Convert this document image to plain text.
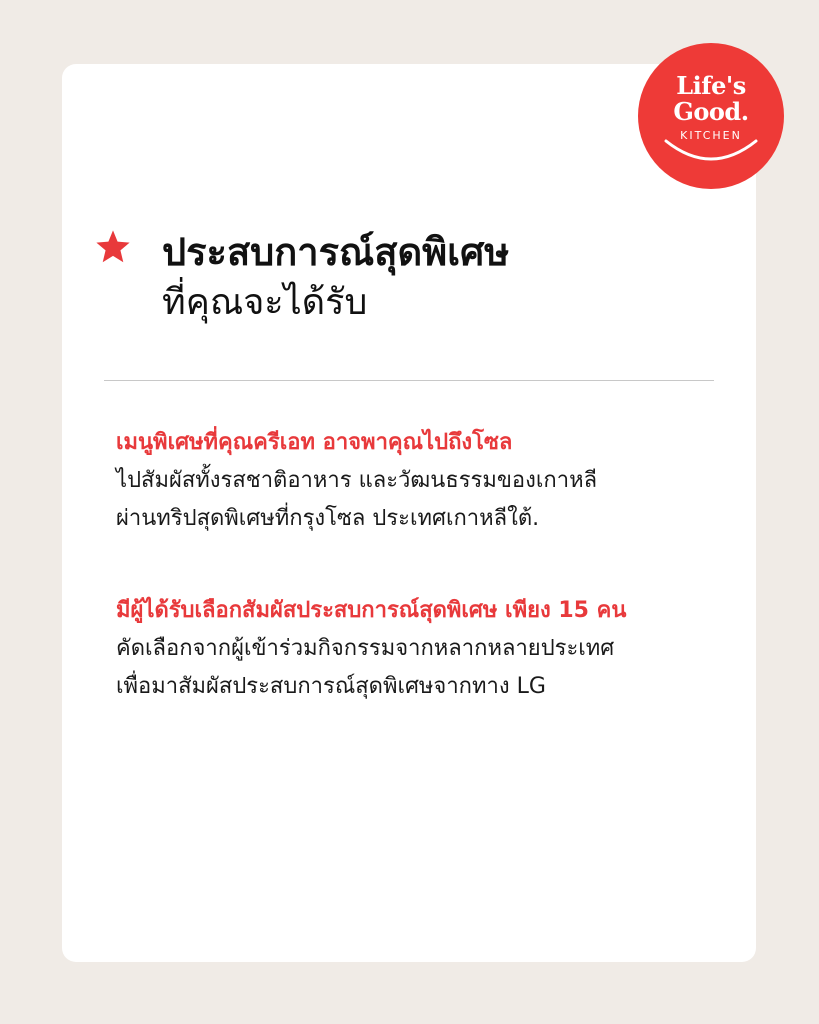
Life's
Good.
KITCHEN
ประสบการณ์สุดพิเศษ
ที่คุณจะได้รับ
เมนูพิเศษที่คุณครีเอท อาจพาคุณไปถึงโซล
ไปสัมผัสทั้งรสชาติอาหาร และวัฒนธรรมของเกาหลี
ผ่านทริปสุดพิเศษที่กรุงโซล ประเทศเกาหลีใต้.
มีผู้ได้รับเลือกสัมผัสประสบการณ์สุดพิเศษ เพียง 15 คน
คัดเลือกจากผู้เข้าร่วมกิจกรรมจากหลากหลายประเทศ
เพื่อมาสัมผัสประสบการณ์สุดพิเศษจากทาง LG
